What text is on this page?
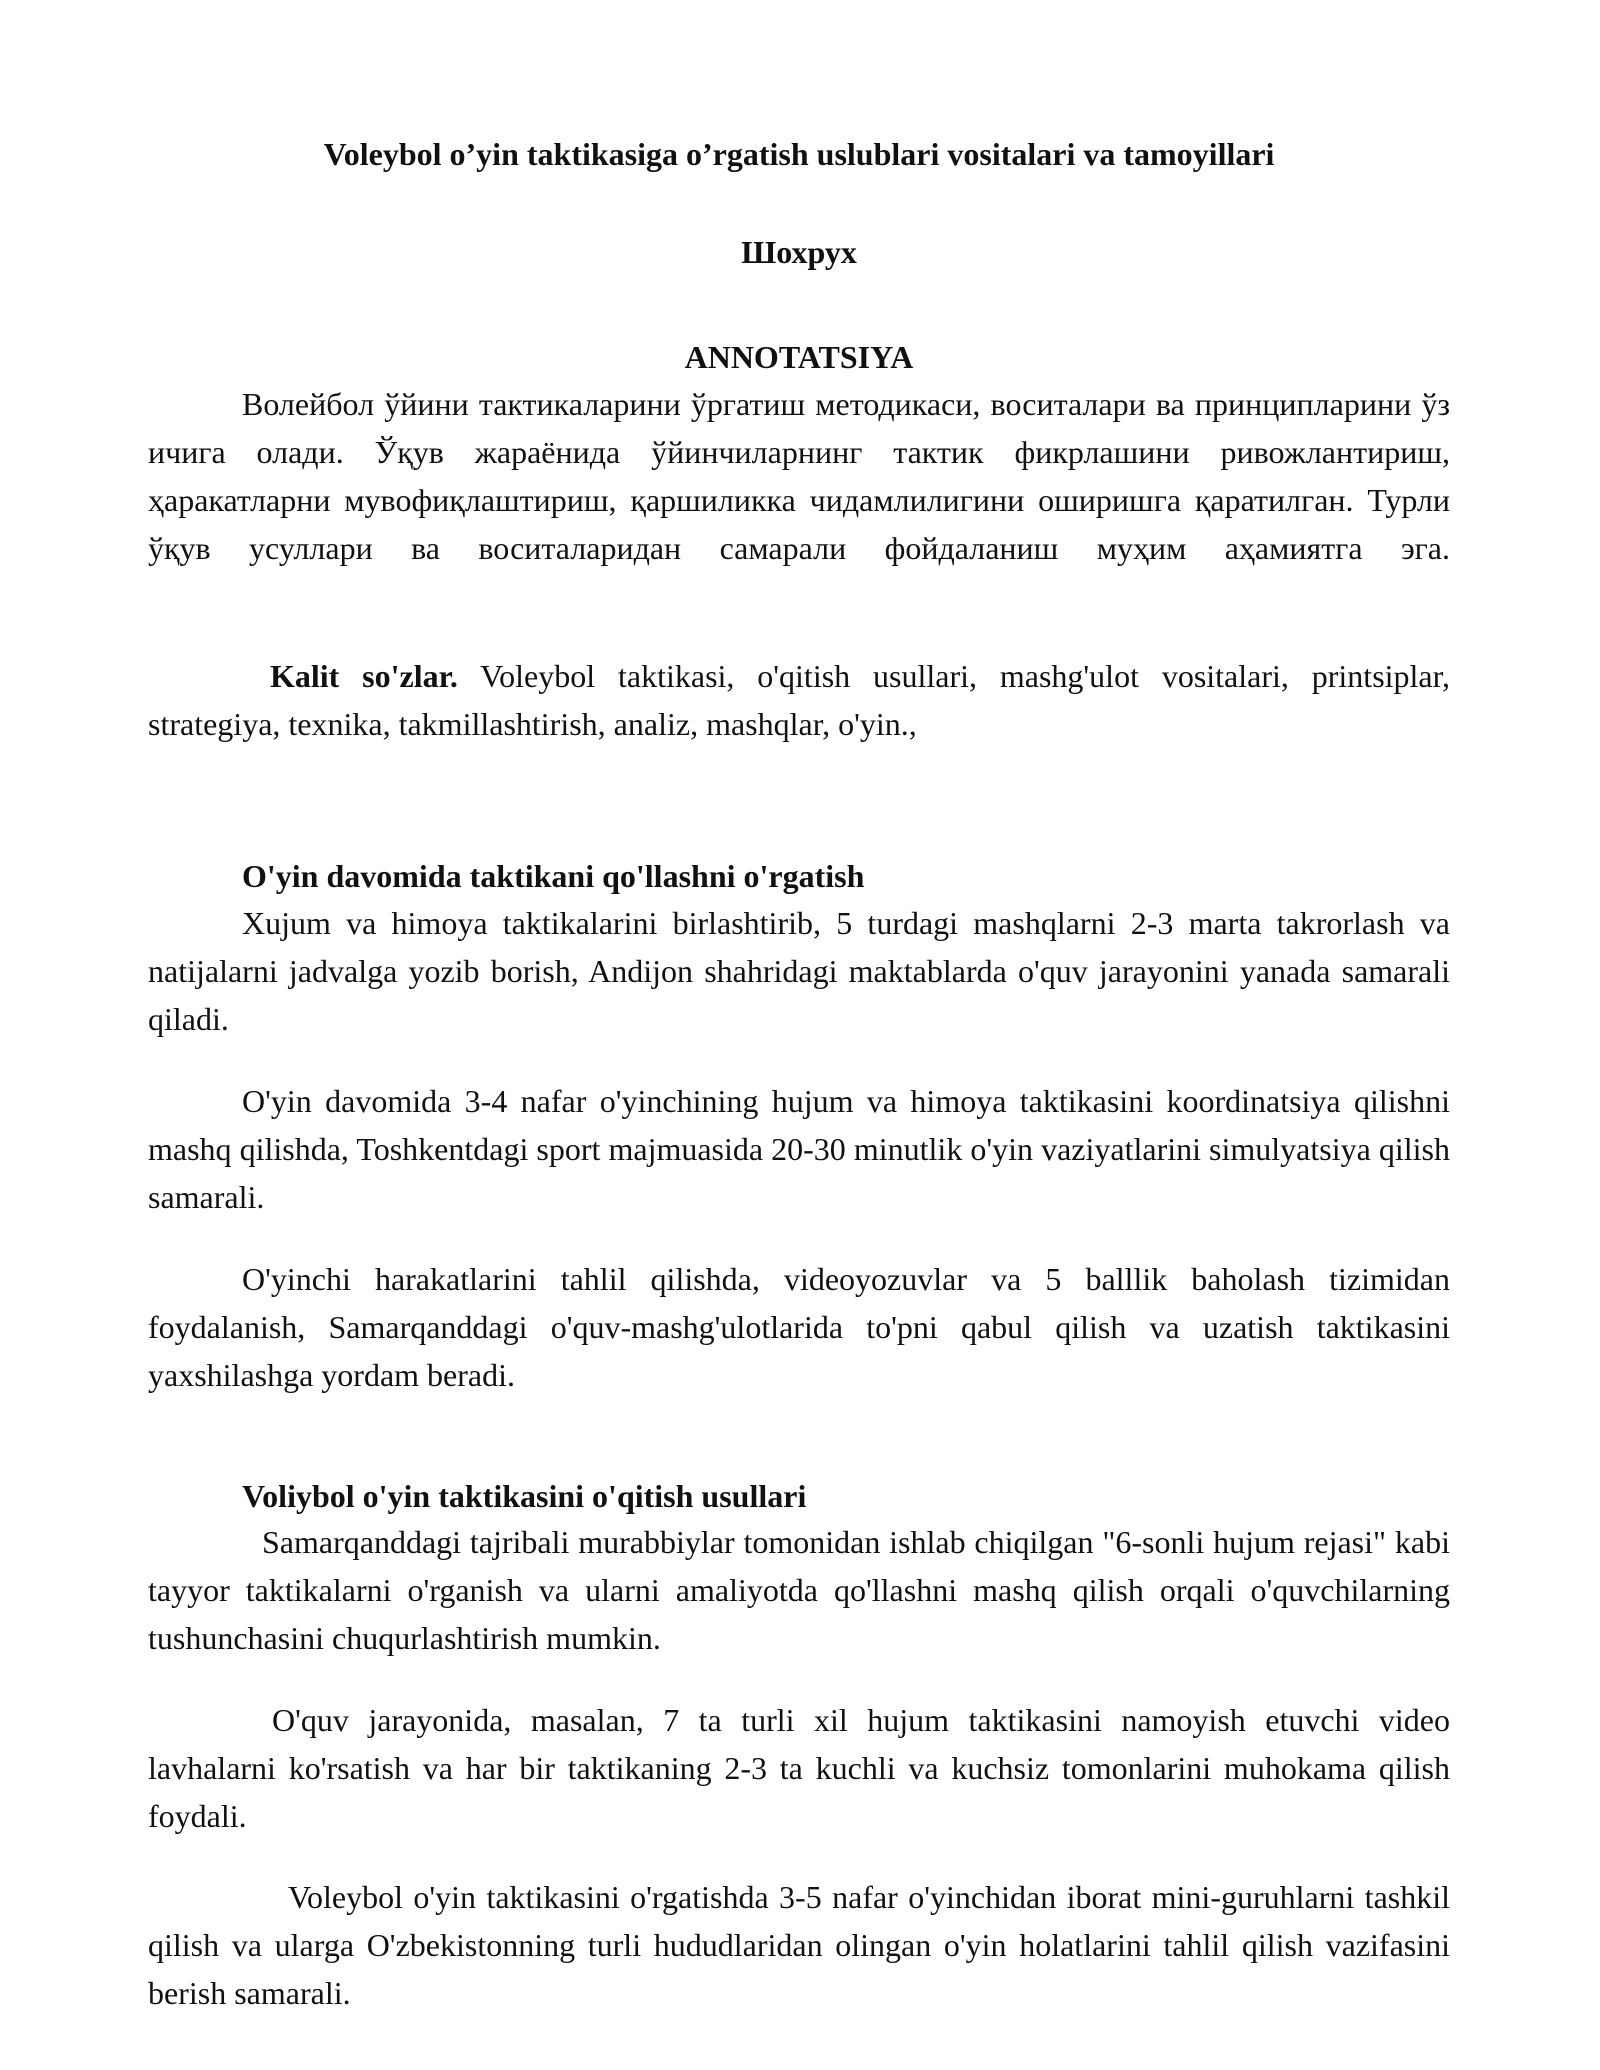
Voleybol o’yin taktikasiga o’rgatish uslublari vositalari va tamoyillari
Шохрух
ANNOTATSIYA

Волейбол ўйини тактикаларини ўргатиш методикаси, воситалари ва принципларини ўз ичига олади. Ўқув жараёнида ўйинчиларнинг тактик фикрлашини ривожлантириш, ҳаракатларни мувофиқлаштириш, қаршиликка чидамлилигини оширишга қаратилган. Турли ўқув усуллари ва воситаларидан самарали фойдаланиш муҳим аҳамиятга эга.

Kalit so'zlar. Voleybol taktikasi, o'qitish usullari, mashg'ulot vositalari, printsiplar, strategiya, texnika, takmillashtirish, analiz, mashqlar, o'yin.,

O'yin davomida taktikani qo'llashni o'rgatish

Xujum va himoya taktikalarini birlashtirib, 5 turdagi mashqlarni 2-3 marta takrorlash va natijalarni jadvalga yozib borish, Andijon shahridagi maktablarda o'quv jarayonini yanada samarali qiladi.

O'yin davomida 3-4 nafar o'yinchining hujum va himoya taktikasini koordinatsiya qilishni mashq qilishda, Toshkentdagi sport majmuasida 20-30 minutlik o'yin vaziyatlarini simulyatsiya qilish samarali.

O'yinchi harakatlarini tahlil qilishda, videoyozuvlar va 5 balllik baholash tizimidan foydalanish, Samarqanddagi o'quv-mashg'ulotlarida to'pni qabul qilish va uzatish taktikasini yaxshilashga yordam beradi.

Voliybol o'yin taktikasini o'qitish usullari

Samarqanddagi tajribali murabbiylar tomonidan ishlab chiqilgan "6-sonli hujum rejasi" kabi tayyor taktikalarni o'rganish va ularni amaliyotda qo'llashni mashq qilish orqali o'quvchilarning tushunchasini chuqurlashtirish mumkin.

O'quv jarayonida, masalan, 7 ta turli xil hujum taktikasini namoyish etuvchi video lavhalarni ko'rsatish va har bir taktikaning 2-3 ta kuchli va kuchsiz tomonlarini muhokama qilish foydali.

Voleybol o'yin taktikasini o'rgatishda 3-5 nafar o'yinchidan iborat mini-guruhlarni tashkil qilish va ularga O'zbekistonning turli hududlaridan olingan o'yin holatlarini tahlil qilish vazifasini berish samarali.
